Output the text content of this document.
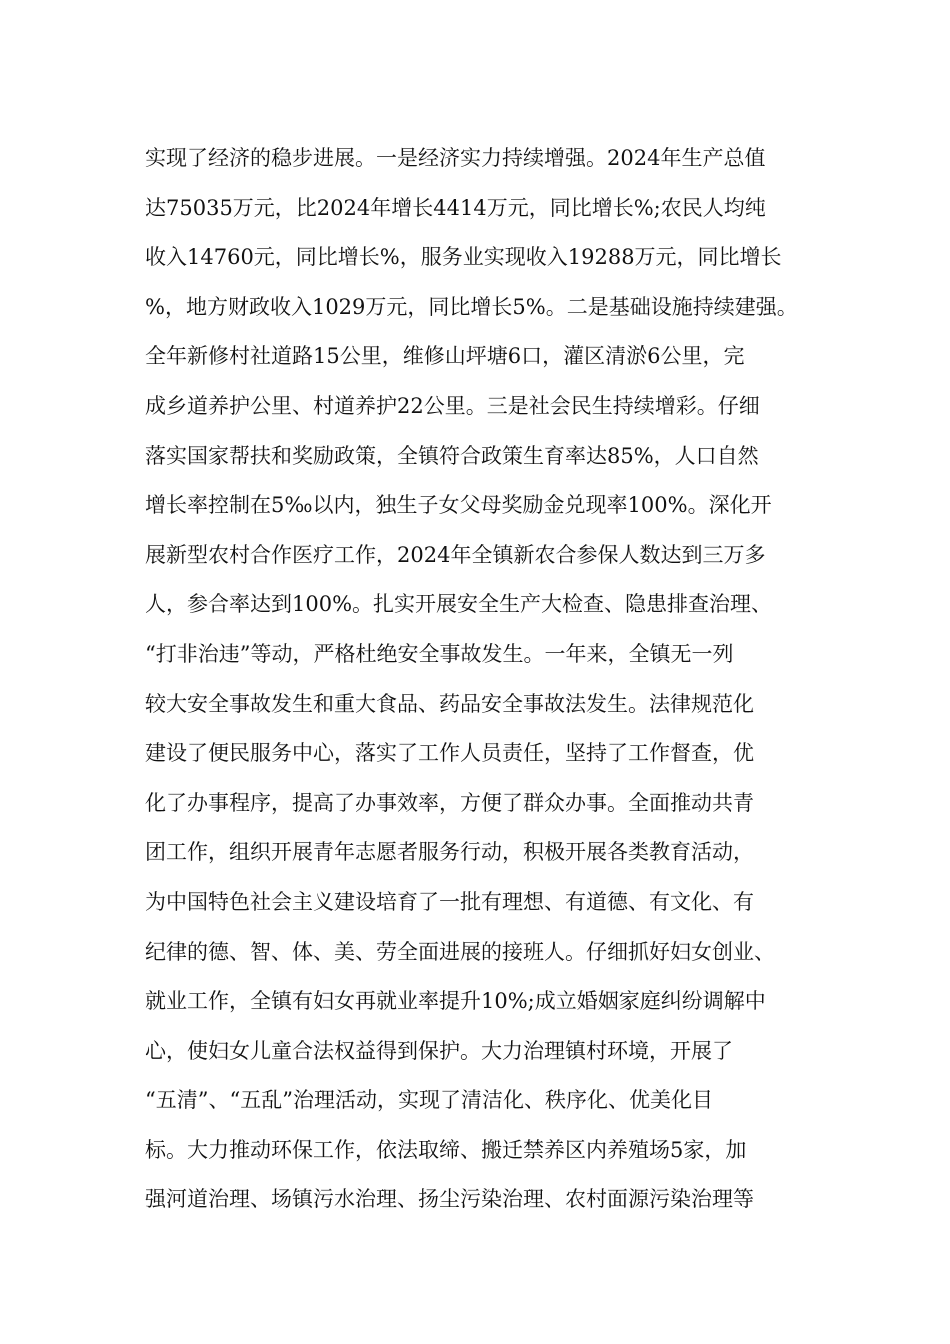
实现了经济的稳步进展。一是经济实力持续增强。2024年生产总值
达75035万元，比2024年增长4414万元，同比增长%;农民人均纯
收入14760元，同比增长%，服务业实现收入19288万元，同比增长
%，地方财政收入1029万元，同比增长5%。二是基础设施持续建强。
全年新修村社道路15公里，维修山坪塘6口，灌区清淤6公里，完
成乡道养护公里、村道养护22公里。三是社会民生持续增彩。仔细
落实国家帮扶和奖励政策，全镇符合政策生育率达85%，人口自然
增长率控制在5‰以内，独生子女父母奖励金兑现率100%。深化开
展新型农村合作医疗工作，2024年全镇新农合参保人数达到三万多
人，参合率达到100%。扎实开展安全生产大检查、隐患排查治理、
“打非治违”等动，严格杜绝安全事故发生。一年来，全镇无一列
较大安全事故发生和重大食品、药品安全事故法发生。法律规范化
建设了便民服务中心，落实了工作人员责任，坚持了工作督查，优
化了办事程序，提高了办事效率，方便了群众办事。全面推动共青
团工作，组织开展青年志愿者服务行动，积极开展各类教育活动，
为中国特色社会主义建设培育了一批有理想、有道德、有文化、有
纪律的德、智、体、美、劳全面进展的接班人。仔细抓好妇女创业、
就业工作，全镇有妇女再就业率提升10%;成立婚姻家庭纠纷调解中
心，使妇女儿童合法权益得到保护。大力治理镇村环境，开展了
“五清”、“五乱”治理活动，实现了清洁化、秩序化、优美化目
标。大力推动环保工作，依法取缔、搬迁禁养区内养殖场5家，加
强河道治理、场镇污水治理、扬尘污染治理、农村面源污染治理等
